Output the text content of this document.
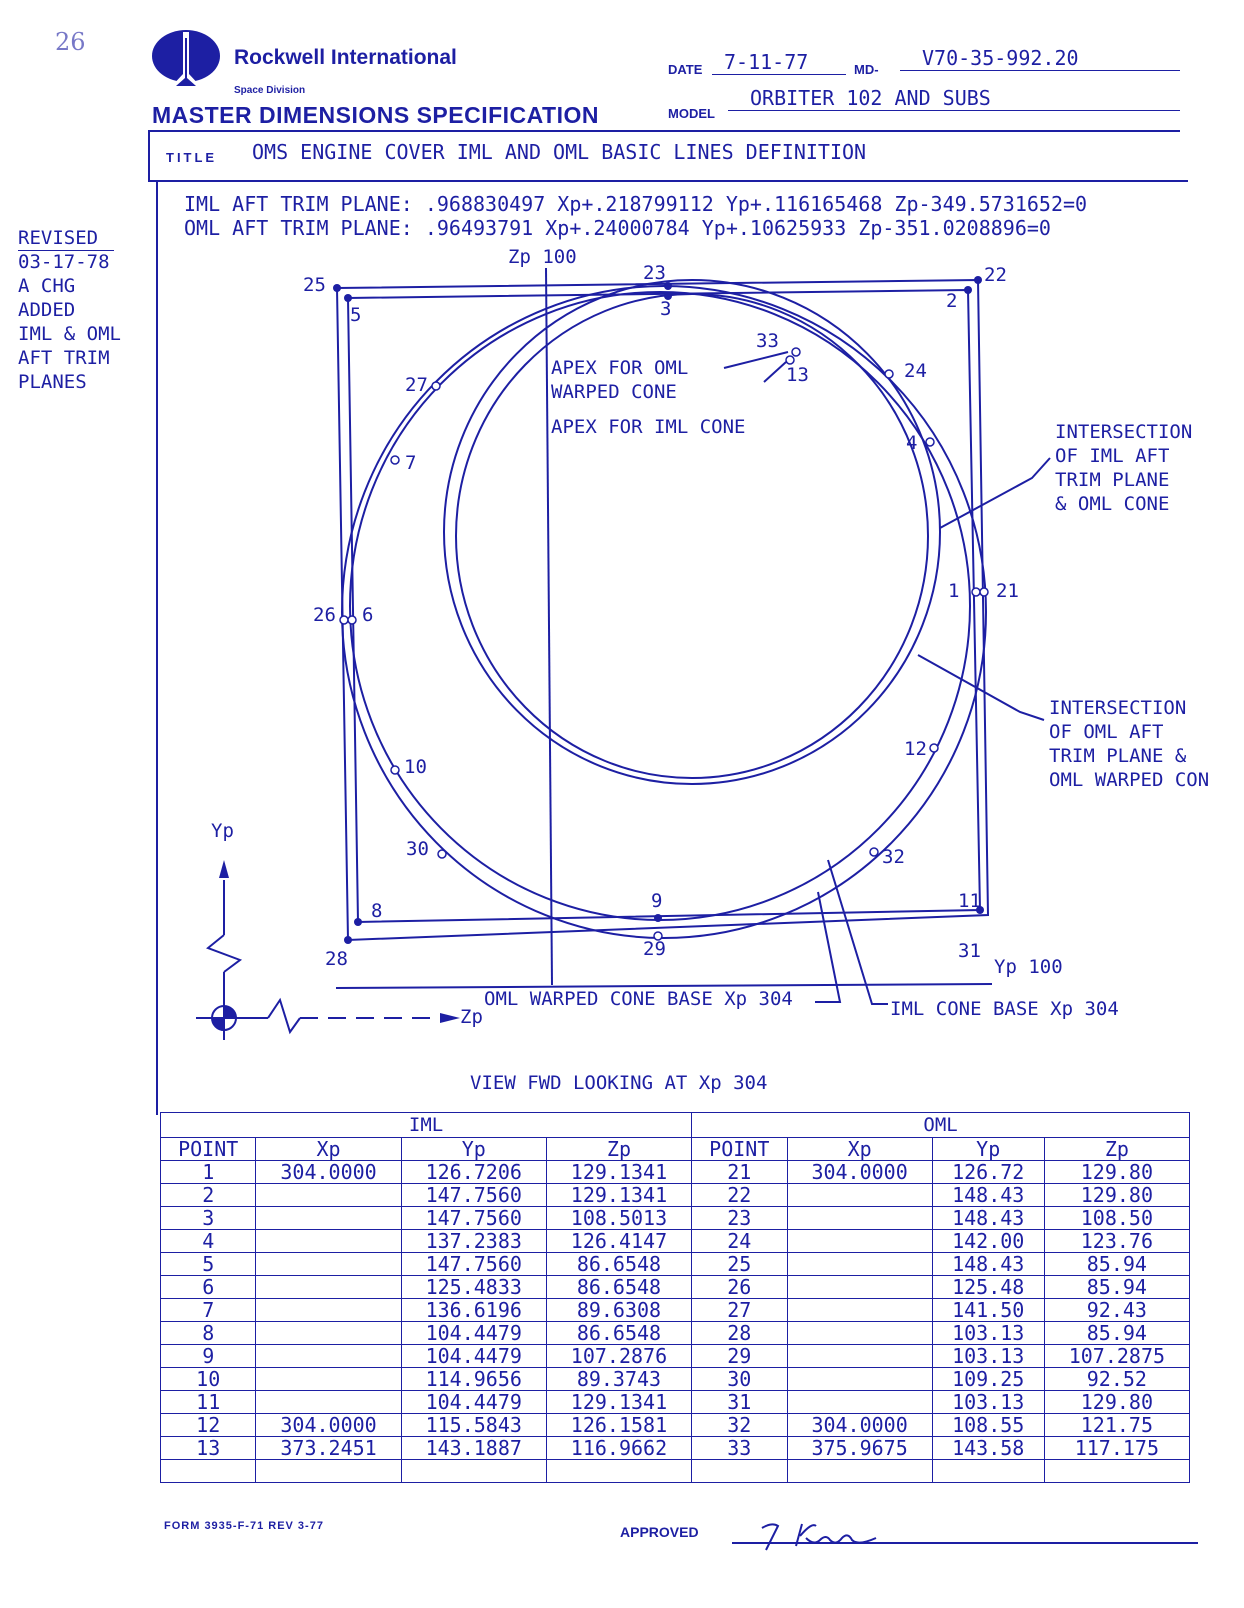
26
Rockwell International
Space Division
MASTER DIMENSIONS SPECIFICATION
DATE	7-11-77	MD-	V70-35-992.20
MODEL
ORBITER 102 AND SUBS
TITLE OMS ENGINE COVER IML AND OML BASIC LINES DEFINITION
REVISED
03-17-78
A CHG
ADDED
IML & OML
AFT TRIM
PLANES
IML AFT TRIM PLANE: .968830497 Xp+.218799112 Yp+.116165468 Zp-349.5731652=0
OML AFT TRIM PLANE: .96493791 Xp+.24000784 Yp+.10625933 Zp-351.0208896=0
Zp 100
Yp 100
Yp
Zp
APEX FOR OML
WARPED CONE
APEX FOR IML CONE	INTERSECTION
OF IML AFT
TRIM PLANE
& OML CONE
INTERSECTION
OF OML AFT
TRIM PLANE &
OML WARPED CON
OML WARPED CONE BASE Xp 304	IML CONE BASE Xp 304
VIEW FWD LOOKING AT Xp 304
1
2
3
4
5
6
7
8	9
10
11
12
13
21
22
23
24
25
26
27
28	29
30
31
32
33
IML				OML			
POINT	Xp	Yp	Zp	POINT	Xp	Yp	Zp
1	304.0000	126.7206	129.1341	21	304.0000	126.72	129.80
2		147.7560	129.1341	22		148.43	129.80
3		147.7560	108.5013	23		148.43	108.50
4		137.2383	126.4147	24		142.00	123.76
5		147.7560	86.6548	25		148.43	85.94
6		125.4833	86.6548	26		125.48	85.94
7		136.6196	89.6308	27		141.50	92.43
8		104.4479	86.6548	28		103.13	85.94
9		104.4479	107.2876	29		103.13	107.2875
10		114.9656	89.3743	30		109.25	92.52
11		104.4479	129.1341	31		103.13	129.80
12	304.0000	115.5843	126.1581	32	304.0000	108.55	121.75
13	373.2451	143.1887	116.9662	33	375.9675	143.58	117.175

FORM 3935-F-71 REV 3-77	APPROVED
